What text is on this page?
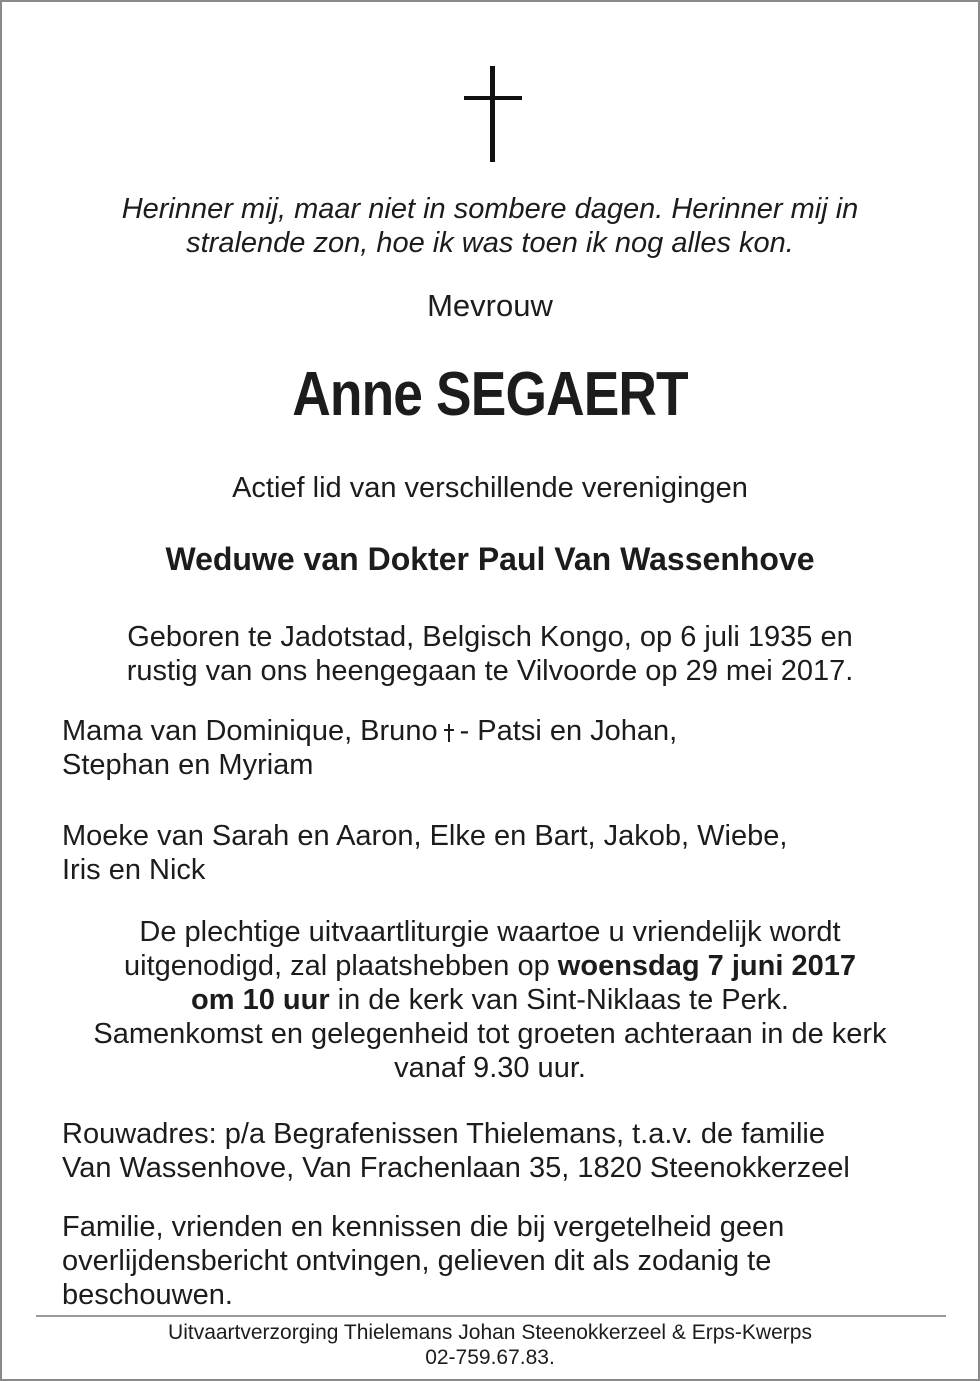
Herinner mij, maar niet in sombere dagen. Herinner mij in
stralende zon, hoe ik was toen ik nog alles kon.
Mevrouw
Anne SEGAERT
Actief lid van verschillende verenigingen
Weduwe van Dokter Paul Van Wassenhove
Geboren te Jadotstad, Belgisch Kongo, op 6 juli 1935 en
rustig van ons heengegaan te Vilvoorde op 29 mei 2017.
Mama van Dominique, Bruno - Patsi en Johan,
Stephan en Myriam
Moeke van Sarah en Aaron, Elke en Bart, Jakob, Wiebe,
Iris en Nick
De plechtige uitvaartliturgie waartoe u vriendelijk wordt
uitgenodigd, zal plaatshebben op woensdag 7 juni 2017
om 10 uur in de kerk van Sint-Niklaas te Perk.
Samenkomst en gelegenheid tot groeten achteraan in de kerk
vanaf 9.30 uur.
Rouwadres: p/a Begrafenissen Thielemans, t.a.v. de familie
Van Wassenhove, Van Frachenlaan 35, 1820 Steenokkerzeel
Familie, vrienden en kennissen die bij vergetelheid geen
overlijdensbericht ontvingen, gelieven dit als zodanig te
beschouwen.
Uitvaartverzorging Thielemans Johan Steenokkerzeel & Erps-Kwerps
02-759.67.83.
